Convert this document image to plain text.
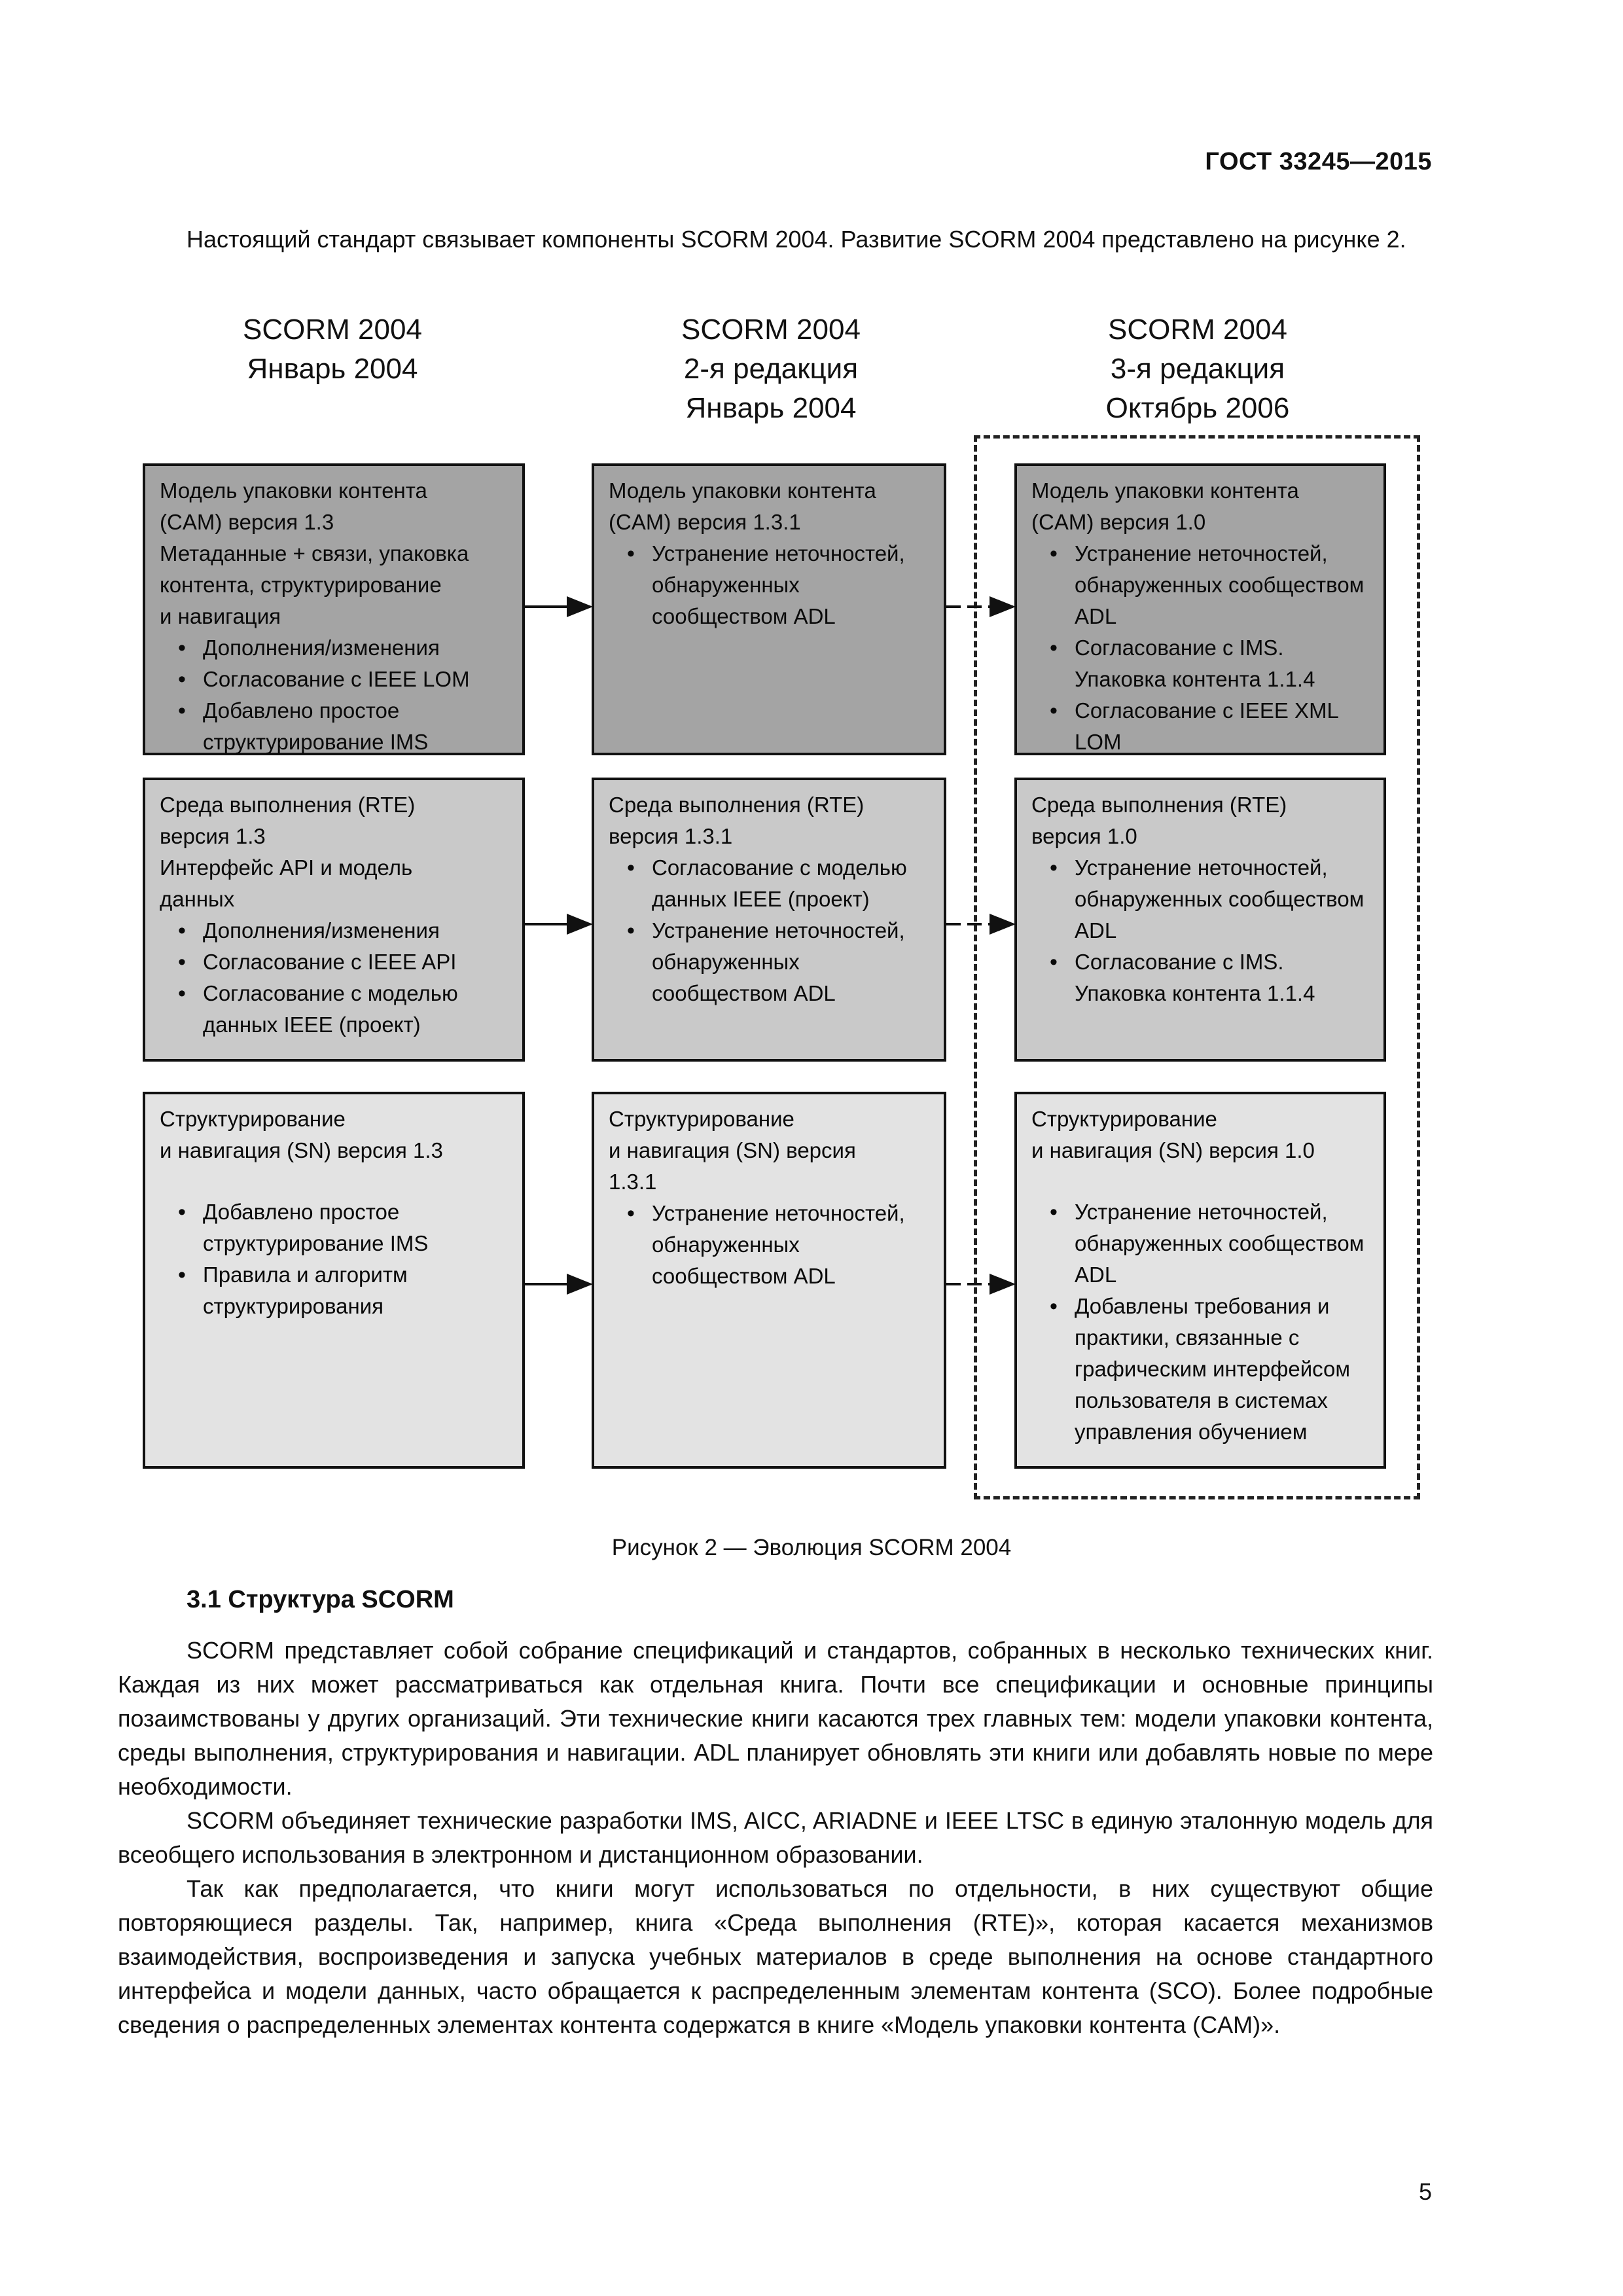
ГОСТ 33245—2015

Настоящий стандарт связывает компоненты SCORM 2004. Развитие SCORM 2004 представлено на рисунке 2.

SCORM 2004
Январь 2004
SCORM 2004
2-я редакция
Январь 2004
SCORM 2004
3-я редакция
Октябрь 2006
Модель упаковки контента
(CAM) версия 1.3
Метаданные + связи, упаковка
контента, структурирование
и навигация
• Дополнения/изменения
• Согласование с IEEE LOM
• Добавлено простое структурирование IMS
Модель упаковки контента
(CAM) версия 1.3.1
• Устранение неточностей, обнаруженных сообществом ADL
Модель упаковки контента
(CAM) версия 1.0
• Устранение неточностей, обнаруженных сообществом ADL
• Согласование с IMS. Упаковка контента 1.1.4
• Согласование с IEEE XML LOM
Среда выполнения (RTE)
версия 1.3
Интерфейс API и модель
данных
• Дополнения/изменения
• Согласование с IEEE API
• Согласование с моделью данных IEEE (проект)
Среда выполнения (RTE)
версия 1.3.1
• Согласование с моделью данных IEEE (проект)
• Устранение неточностей, обнаруженных сообществом ADL
Среда выполнения (RTE)
версия 1.0
• Устранение неточностей, обнаруженных сообществом ADL
• Согласование с IMS. Упаковка контента 1.1.4
Структурирование
и навигация (SN) версия 1.3
• Добавлено простое структурирование IMS
• Правила и алгоритм структурирования
Структурирование
и навигация (SN) версия
1.3.1
• Устранение неточностей, обнаруженных сообществом ADL
Структурирование
и навигация (SN) версия 1.0
• Устранение неточностей, обнаруженных сообществом ADL
• Добавлены требования и практики, связанные с графическим интерфейсом пользователя в системах управления обучением
Рисунок 2 — Эволюция SCORM 2004
3.1 Структура SCORM

SCORM представляет собой собрание спецификаций и стандартов, собранных в несколько технических книг. Каждая из них может рассматриваться как отдельная книга. Почти все спецификации и основные принципы позаимствованы у других организаций. Эти технические книги касаются трех главных тем: модели упаковки контента, среды выполнения, структурирования и навигации. ADL планирует обновлять эти книги или добавлять новые по мере необходимости.

SCORM объединяет технические разработки IMS, AICC, ARIADNE и IEEE LTSC в единую эталонную модель для всеобщего использования в электронном и дистанционном образовании.

Так как предполагается, что книги могут использоваться по отдельности, в них существуют общие повторяющиеся разделы. Так, например, книга «Среда выполнения (RTE)», которая касается механизмов взаимодействия, воспроизведения и запуска учебных материалов в среде выполнения на основе стандартного интерфейса и модели данных, часто обращается к распределенным элементам контента (SCO). Более подробные сведения о распределенных элементах контента содержатся в книге «Модель упаковки контента (CAM)».

5
